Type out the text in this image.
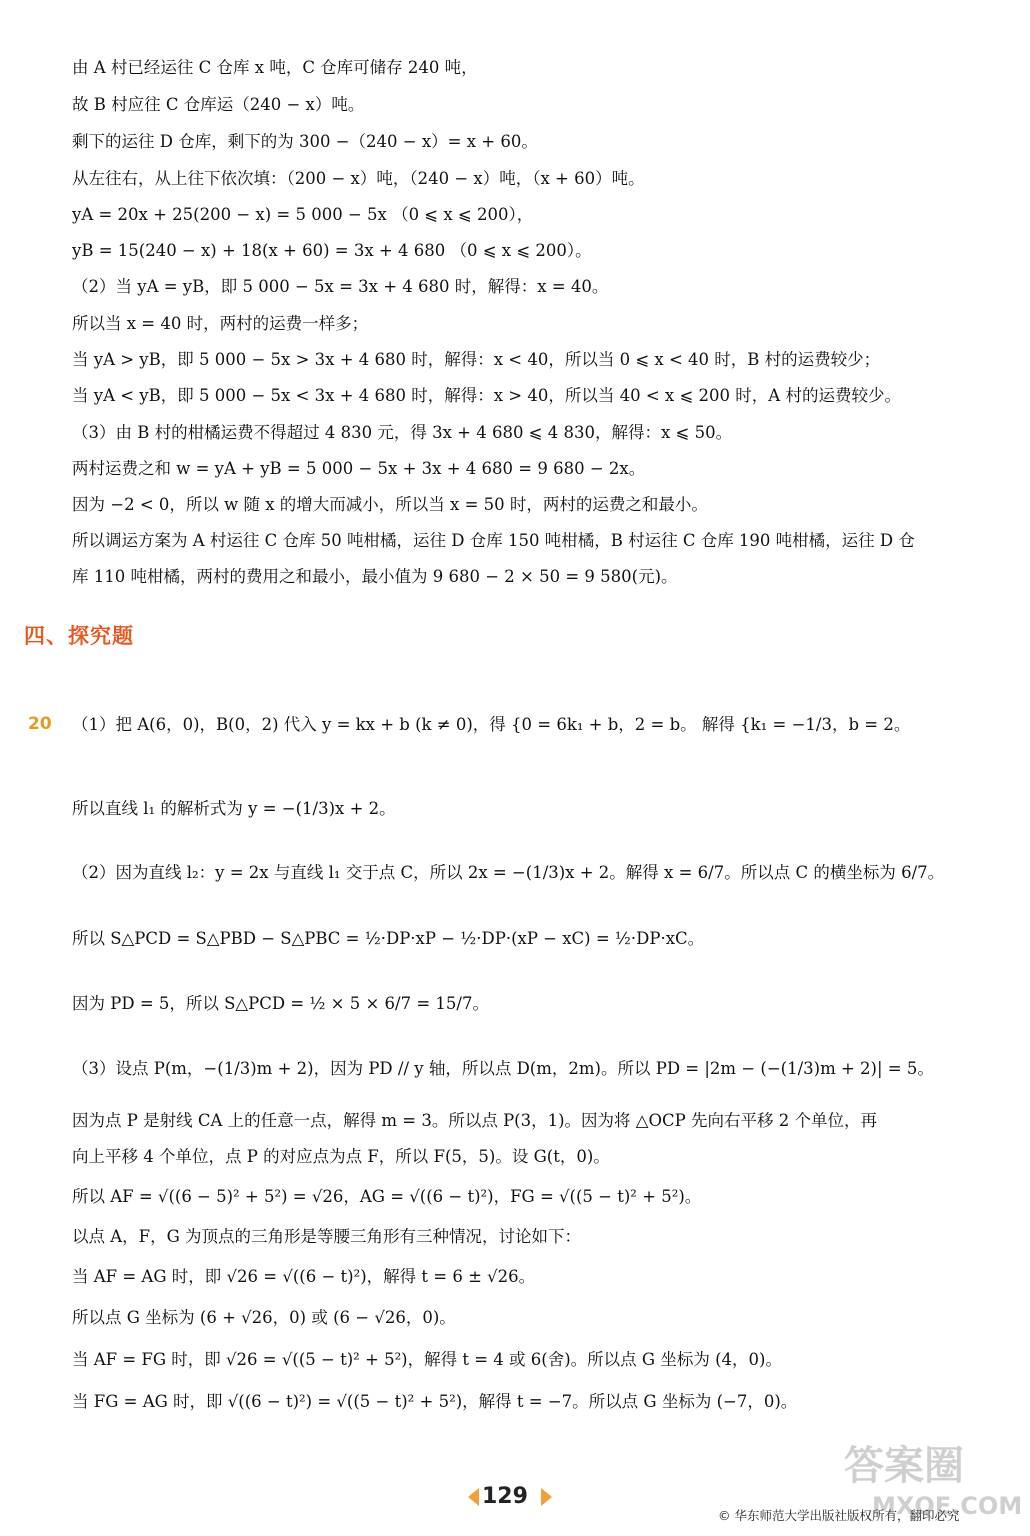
由 A 村已经运往 C 仓库 x 吨，C 仓库可储存 240 吨，
故 B 村应往 C 仓库运（240 − x）吨。
剩下的运往 D 仓库，剩下的为 300 −（240 − x）= x + 60。
从左往右，从上往下依次填：（200 − x）吨，（240 − x）吨，（x + 60）吨。
yA = 20x + 25(200 − x) = 5 000 − 5x （0 ⩽ x ⩽ 200），
yB = 15(240 − x) + 18(x + 60) = 3x + 4 680 （0 ⩽ x ⩽ 200）。
（2）当 yA = yB，即 5 000 − 5x = 3x + 4 680 时，解得：x = 40。
所以当 x = 40 时，两村的运费一样多；
当 yA > yB，即 5 000 − 5x > 3x + 4 680 时，解得：x < 40，所以当 0 ⩽ x < 40 时，B 村的运费较少；
当 yA < yB，即 5 000 − 5x < 3x + 4 680 时，解得：x > 40，所以当 40 < x ⩽ 200 时，A 村的运费较少。
（3）由 B 村的柑橘运费不得超过 4 830 元，得 3x + 4 680 ⩽ 4 830，解得：x ⩽ 50。
两村运费之和 w = yA + yB = 5 000 − 5x + 3x + 4 680 = 9 680 − 2x。
因为 −2 < 0，所以 w 随 x 的增大而减小，所以当 x = 50 时，两村的运费之和最小。
所以调运方案为 A 村运往 C 仓库 50 吨柑橘，运往 D 仓库 150 吨柑橘，B 村运往 C 仓库 190 吨柑橘，运往 D 仓
库 110 吨柑橘，两村的费用之和最小，最小值为 9 680 − 2 × 50 = 9 580(元)。
四、探究题
20 （1）把 A(6，0)，B(0，2) 代入 y = kx + b (k ≠ 0)，得 {0 = 6k₁ + b，2 = b。 解得 {k₁ = −1/3，b = 2。
所以直线 l₁ 的解析式为 y = −(1/3)x + 2。
（2）因为直线 l₂：y = 2x 与直线 l₁ 交于点 C，所以 2x = −(1/3)x + 2。解得 x = 6/7。所以点 C 的横坐标为 6/7。
所以 S△PCD = S△PBD − S△PBC = ½·DP·xP − ½·DP·(xP − xC) = ½·DP·xC。
因为 PD = 5，所以 S△PCD = ½ × 5 × 6/7 = 15/7。
（3）设点 P(m，−(1/3)m + 2)，因为 PD // y 轴，所以点 D(m，2m)。所以 PD = |2m − (−(1/3)m + 2)| = 5。
因为点 P 是射线 CA 上的任意一点，解得 m = 3。所以点 P(3，1)。因为将 △OCP 先向右平移 2 个单位，再
向上平移 4 个单位，点 P 的对应点为点 F，所以 F(5，5)。设 G(t，0)。
所以 AF = √((6 − 5)² + 5²) = √26，AG = √((6 − t)²)，FG = √((5 − t)² + 5²)。
以点 A，F，G 为顶点的三角形是等腰三角形有三种情况，讨论如下：
当 AF = AG 时，即 √26 = √((6 − t)²)，解得 t = 6 ± √26。
所以点 G 坐标为 (6 + √26，0) 或 (6 − √26，0)。
当 AF = FG 时，即 √26 = √((5 − t)² + 5²)，解得 t = 4 或 6(舍)。所以点 G 坐标为 (4，0)。
当 FG = AG 时，即 √((6 − t)²) = √((5 − t)² + 5²)，解得 t = −7。所以点 G 坐标为 (−7，0)。
129
© 华东师范大学出版社版权所有，翻印必究
答案圈
MXQE.COM
